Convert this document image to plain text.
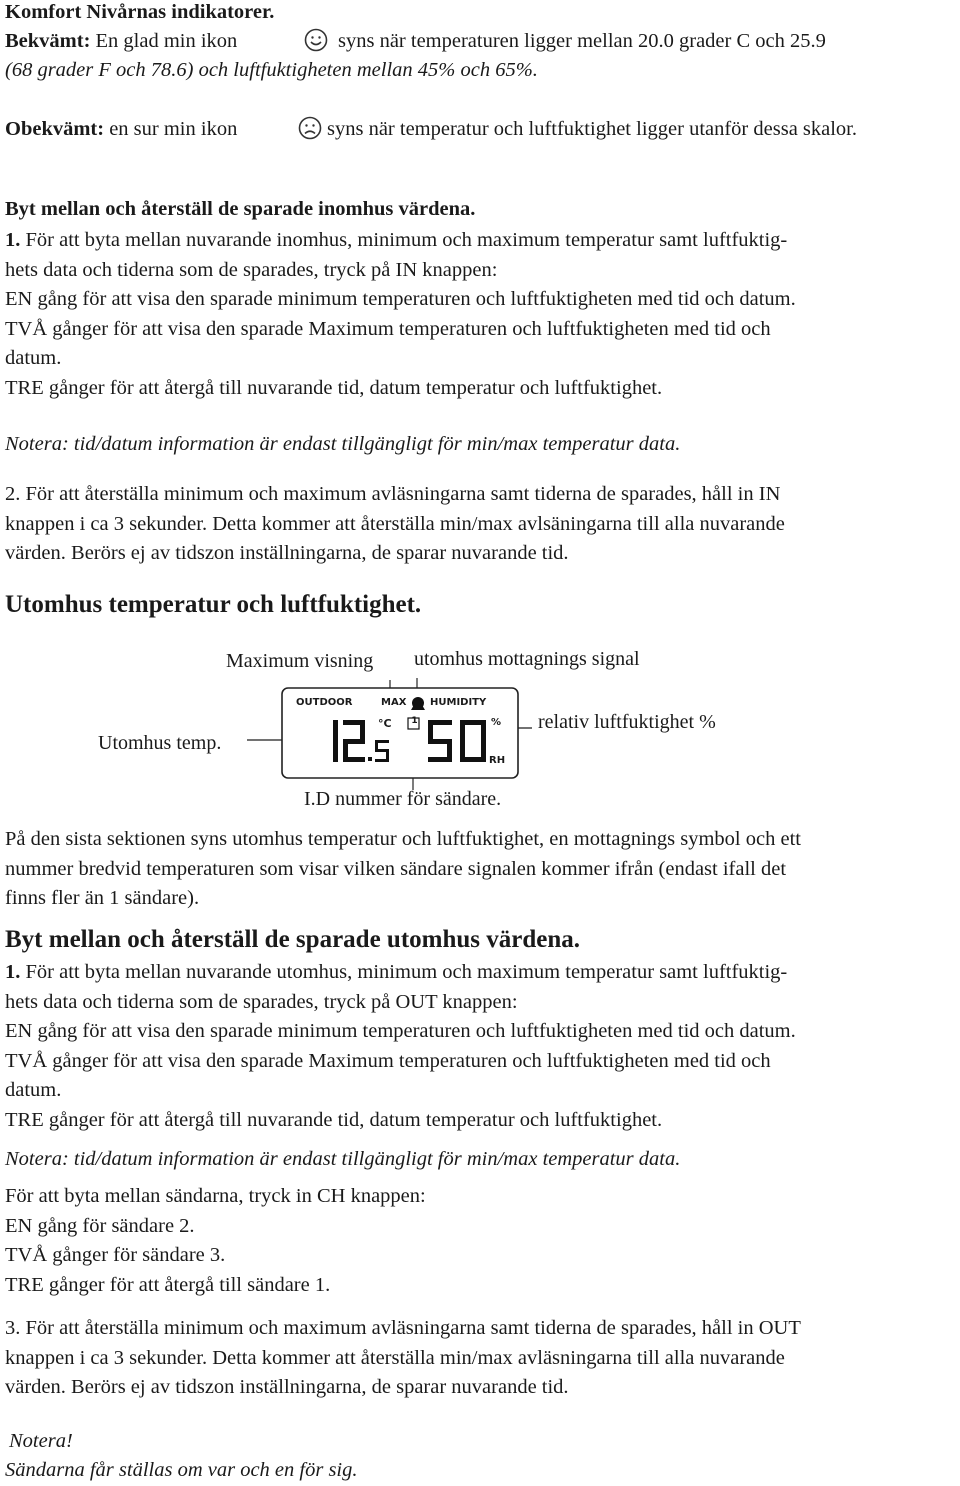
Komfort Nivårnas indikatorer.

Bekvämt: En glad min ikon	syns när temperaturen ligger mellan 20.0 grader C och 25.9

(68 grader F och 78.6) och luftfuktigheten mellan 45% och 65%.

Obekvämt: en sur min ikon	syns när temperatur och luftfuktighet ligger utanför dessa skalor.

Byt mellan och återställ de sparade inomhus värdena.

1. För att byta mellan nuvarande inomhus, minimum och maximum temperatur samt luftfuktig-
hets data och tiderna som de sparades, tryck på IN knappen:
EN gång för att visa den sparade minimum temperaturen och luftfuktigheten med tid och datum.
TVÅ gånger för att visa den sparade Maximum temperaturen och luftfuktigheten med tid och
datum.
TRE gånger för att återgå till nuvarande tid, datum temperatur och luftfuktighet.

Notera: tid/datum information är endast tillgängligt för min/max temperatur data.

2. För att återställa minimum och maximum avläsningarna samt tiderna de sparades, håll in IN
knappen i ca 3 sekunder. Detta kommer att återställa min/max avlsäningarna till alla nuvarande
värden. Berörs ej av tidszon inställningarna, de sparar nuvarande tid.

Utomhus temperatur och luftfuktighet.

Maximum visning utomhus mottagnings signal
Utomhus temp.
relativ luftfuktighet %
I.D nummer för sändare.
OUTDOOR	MAX HUMIDITY
°C 1	%
RH
På den sista sektionen syns utomhus temperatur och luftfuktighet, en mottagnings symbol och ett
nummer bredvid temperaturen som visar vilken sändare signalen kommer ifrån (endast ifall det
finns fler än 1 sändare).

Byt mellan och återställ de sparade utomhus värdena.

1. För att byta mellan nuvarande utomhus, minimum och maximum temperatur samt luftfuktig-
hets data och tiderna som de sparades, tryck på OUT knappen:
EN gång för att visa den sparade minimum temperaturen och luftfuktigheten med tid och datum.
TVÅ gånger för att visa den sparade Maximum temperaturen och luftfuktigheten med tid och
datum.
TRE gånger för att återgå till nuvarande tid, datum temperatur och luftfuktighet.

Notera: tid/datum information är endast tillgängligt för min/max temperatur data.

För att byta mellan sändarna, tryck in CH knappen:
EN gång för sändare 2.
TVÅ gånger för sändare 3.
TRE gånger för att återgå till sändare 1.
3. För att återställa minimum och maximum avläsningarna samt tiderna de sparades, håll in OUT
knappen i ca 3 sekunder. Detta kommer att återställa min/max avläsningarna till alla nuvarande
värden. Berörs ej av tidszon inställningarna, de sparar nuvarande tid.

Notera!

Sändarna får ställas om var och en för sig.
